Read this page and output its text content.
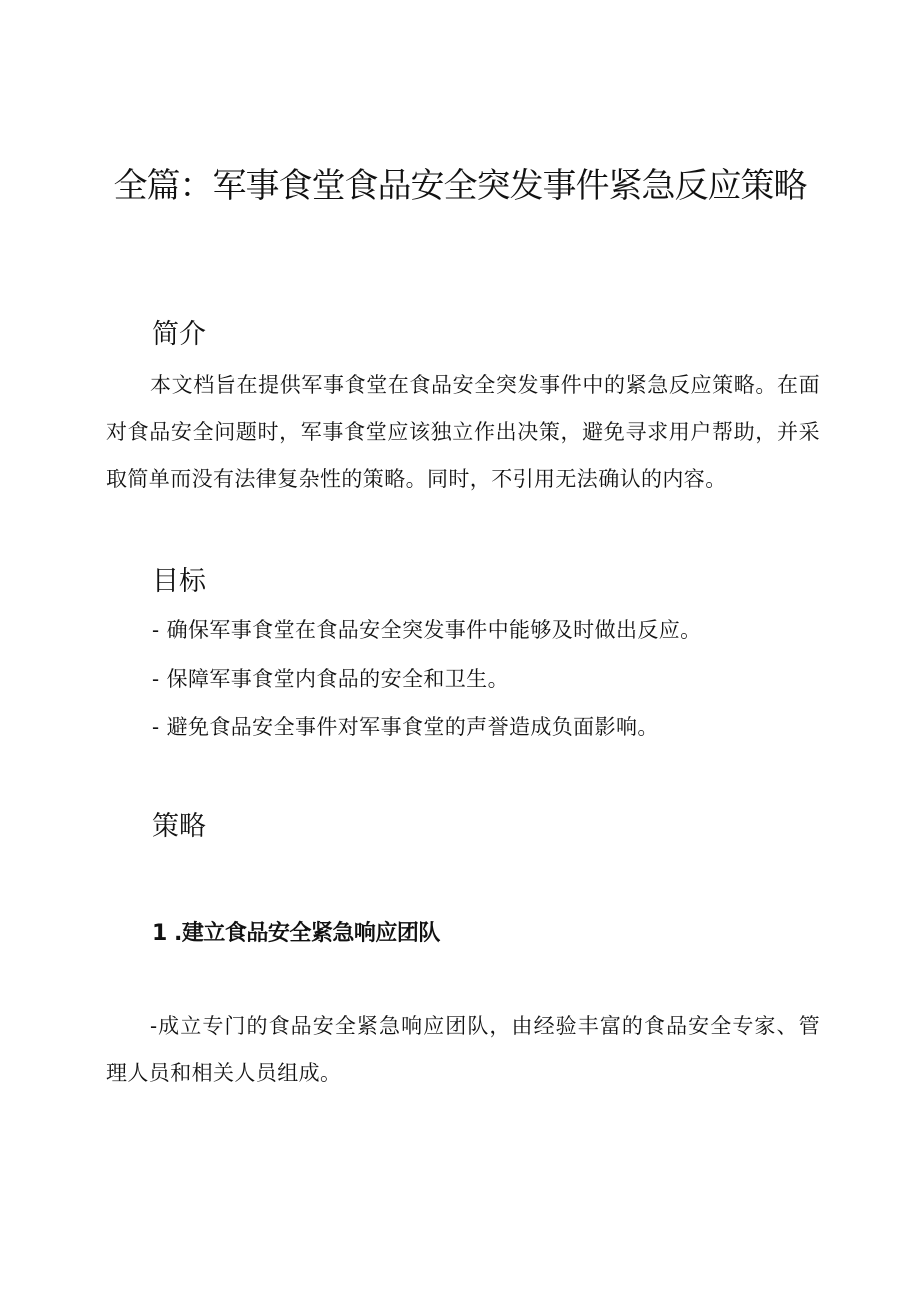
全篇：军事食堂食品安全突发事件紧急反应策略
简介

本文档旨在提供军事食堂在食品安全突发事件中的紧急反应策略。在面对食品安全问题时，军事食堂应该独立作出决策，避免寻求用户帮助，并采取简单而没有法律复杂性的策略。同时，不引用无法确认的内容。

目标

- 确保军事食堂在食品安全突发事件中能够及时做出反应。

- 保障军事食堂内食品的安全和卫生。

- 避免食品安全事件对军事食堂的声誉造成负面影响。

策略
1 .建立食品安全紧急响应团队

-成立专门的食品安全紧急响应团队，由经验丰富的食品安全专家、管理人员和相关人员组成。
